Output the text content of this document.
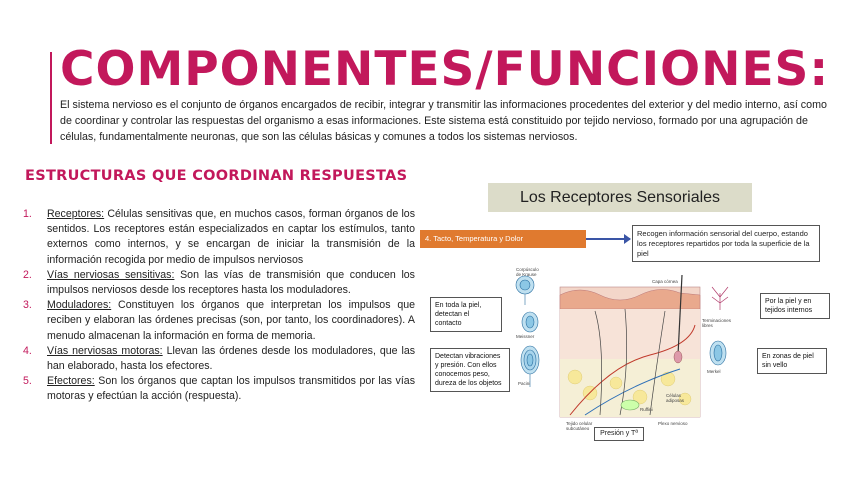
COMPONENTES/FUNCIONES:

El sistema nervioso es el conjunto de órganos encargados de recibir, integrar y transmitir las informaciones procedentes del exterior y del medio interno, así como de coordinar y controlar las respuestas del organismo a esas informaciones. Este sistema está constituido por tejido nervioso, formado por una agrupación de células, fundamentalmente neuronas, que son las células básicas y comunes a todos los sistemas nerviosos.

ESTRUCTURAS QUE COORDINAN RESPUESTAS
1. Receptores: Células sensitivas que, en muchos casos, forman órganos de los sentidos. Los receptores están especializados en captar los estímulos, tanto externos como internos, y se encargan de iniciar la transmisión de la información recogida por medio de impulsos nerviosos
2. Vías nerviosas sensitivas: Son las vías de transmisión que conducen los impulsos nerviosos desde los receptores hasta los moduladores.
3. Moduladores: Constituyen los órganos que interpretan los impulsos que reciben y elaboran las órdenes precisas (son, por tanto, los coordinadores). A menudo almacenan la información en forma de memoria.
4. Vías nerviosas motoras: Llevan las órdenes desde los moduladores, que las han elaborado, hasta los efectores.
5. Efectores: Son los órganos que captan los impulsos transmitidos por las vías motoras y efectúan la acción (respuesta).
Los Receptores Sensoriales
4. Tacto, Temperatura y Dolor
Recogen información sensorial del cuerpo, estando los receptores repartidos por toda la superficie de la piel
Corpúsculo
de Krause
Meissner
Pacini
Capa córnea
Terminaciones
libres
Merkel
Ruffini
Tejido celular
subcutáneo
Plexo nervioso
Células
adiposas
En toda la piel, detectan el contacto
Detectan vibraciones y presión. Con ellos conocemos peso, dureza de los objetos
Por la piel y en tejidos internos
En zonas de piel sin vello
Presión y Tª
